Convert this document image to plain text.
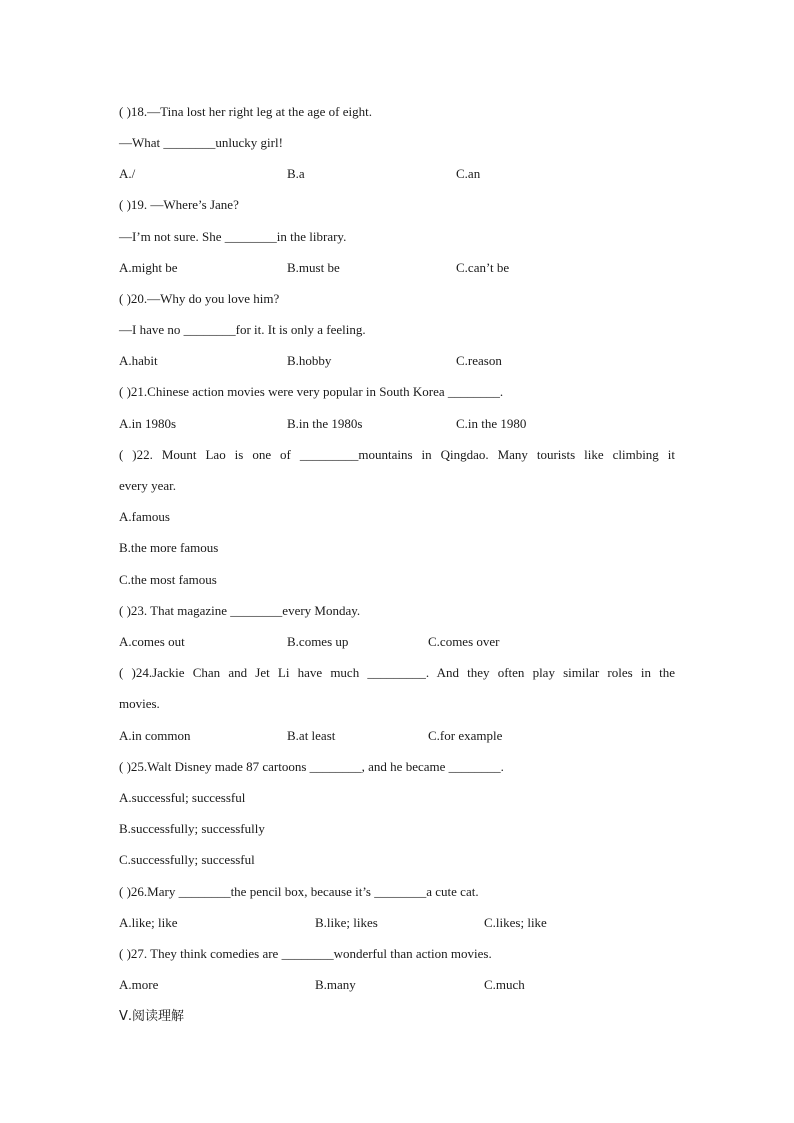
( )18.—Tina lost her right leg at the age of eight.
—What ________unlucky girl!
A./	B.a	C.an
( )19. —Where’s Jane?
—I’m not sure. She ________in the library.
A.might be	B.must be	C.can’t be
( )20.—Why do you love him?
—I have no ________for it. It is only a feeling.
A.habit	B.hobby	C.reason
( )21.Chinese action movies were very popular in South Korea ________.
A.in 1980s	B.in the 1980s	C.in the 1980
( )22. Mount Lao is one of _________mountains in Qingdao. Many tourists like climbing it
every year.
A.famous
B.the more famous
C.the most famous
( )23. That magazine ________every Monday.
A.comes out	B.comes up	C.comes over
( )24.Jackie Chan and Jet Li have much _________. And they often play similar roles in the
movies.
A.in common	B.at least	C.for example
( )25.Walt Disney made 87 cartoons ________, and he became ________.
A.successful; successful
B.successfully; successfully
C.successfully; successful
( )26.Mary ________the pencil box, because it’s ________a cute cat.
A.like; like	B.like; likes	C.likes; like
( )27. They think comedies are ________wonderful than action movies.
A.more	B.many	C.much
Ⅴ.阅读理解
